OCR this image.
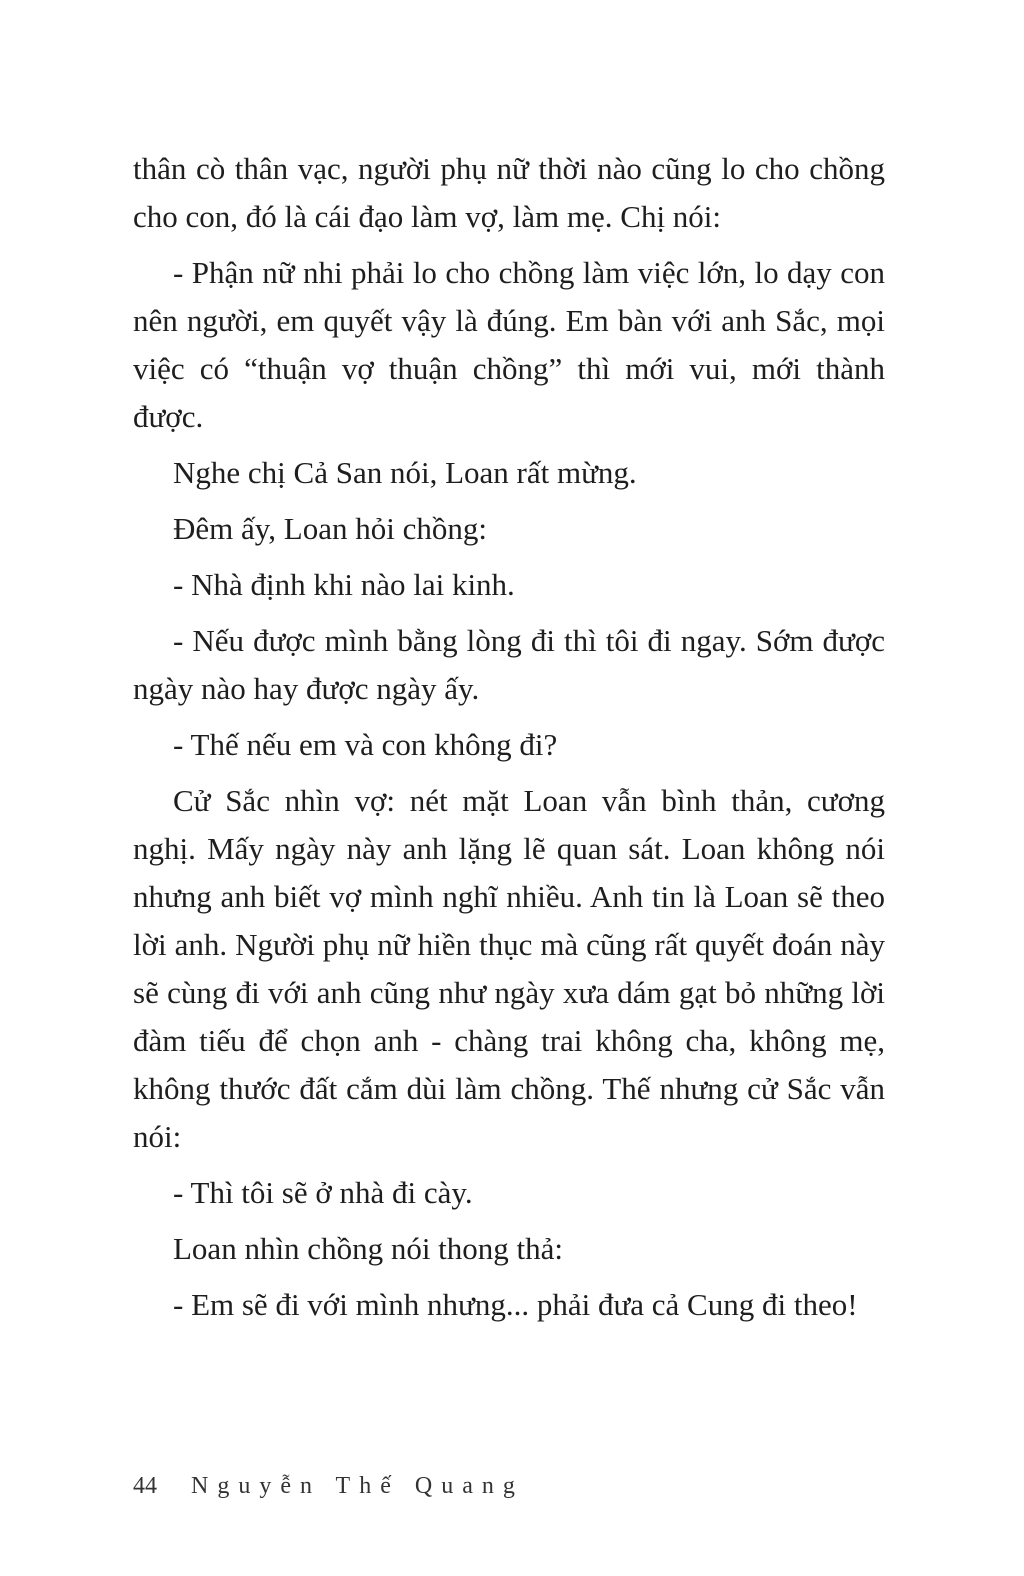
thân cò thân vạc, người phụ nữ thời nào cũng lo cho chồng cho con, đó là cái đạo làm vợ, làm mẹ. Chị nói:

- Phận nữ nhi phải lo cho chồng làm việc lớn, lo dạy con nên người, em quyết vậy là đúng. Em bàn với anh Sắc, mọi việc có “thuận vợ thuận chồng” thì mới vui, mới thành được.

Nghe chị Cả San nói, Loan rất mừng.

Đêm ấy, Loan hỏi chồng:

- Nhà định khi nào lai kinh.

- Nếu được mình bằng lòng đi thì tôi đi ngay. Sớm được ngày nào hay được ngày ấy.

- Thế nếu em và con không đi?

Cử Sắc nhìn vợ: nét mặt Loan vẫn bình thản, cương nghị. Mấy ngày này anh lặng lẽ quan sát. Loan không nói nhưng anh biết vợ mình nghĩ nhiều. Anh tin là Loan sẽ theo lời anh. Người phụ nữ hiền thục mà cũng rất quyết đoán này sẽ cùng đi với anh cũng như ngày xưa dám gạt bỏ những lời đàm tiếu để chọn anh - chàng trai không cha, không mẹ, không thước đất cắm dùi làm chồng. Thế nhưng cử Sắc vẫn nói:

- Thì tôi sẽ ở nhà đi cày.

Loan nhìn chồng nói thong thả:

- Em sẽ đi với mình nhưng... phải đưa cả Cung đi theo!

44 Nguyễn Thế Quang
